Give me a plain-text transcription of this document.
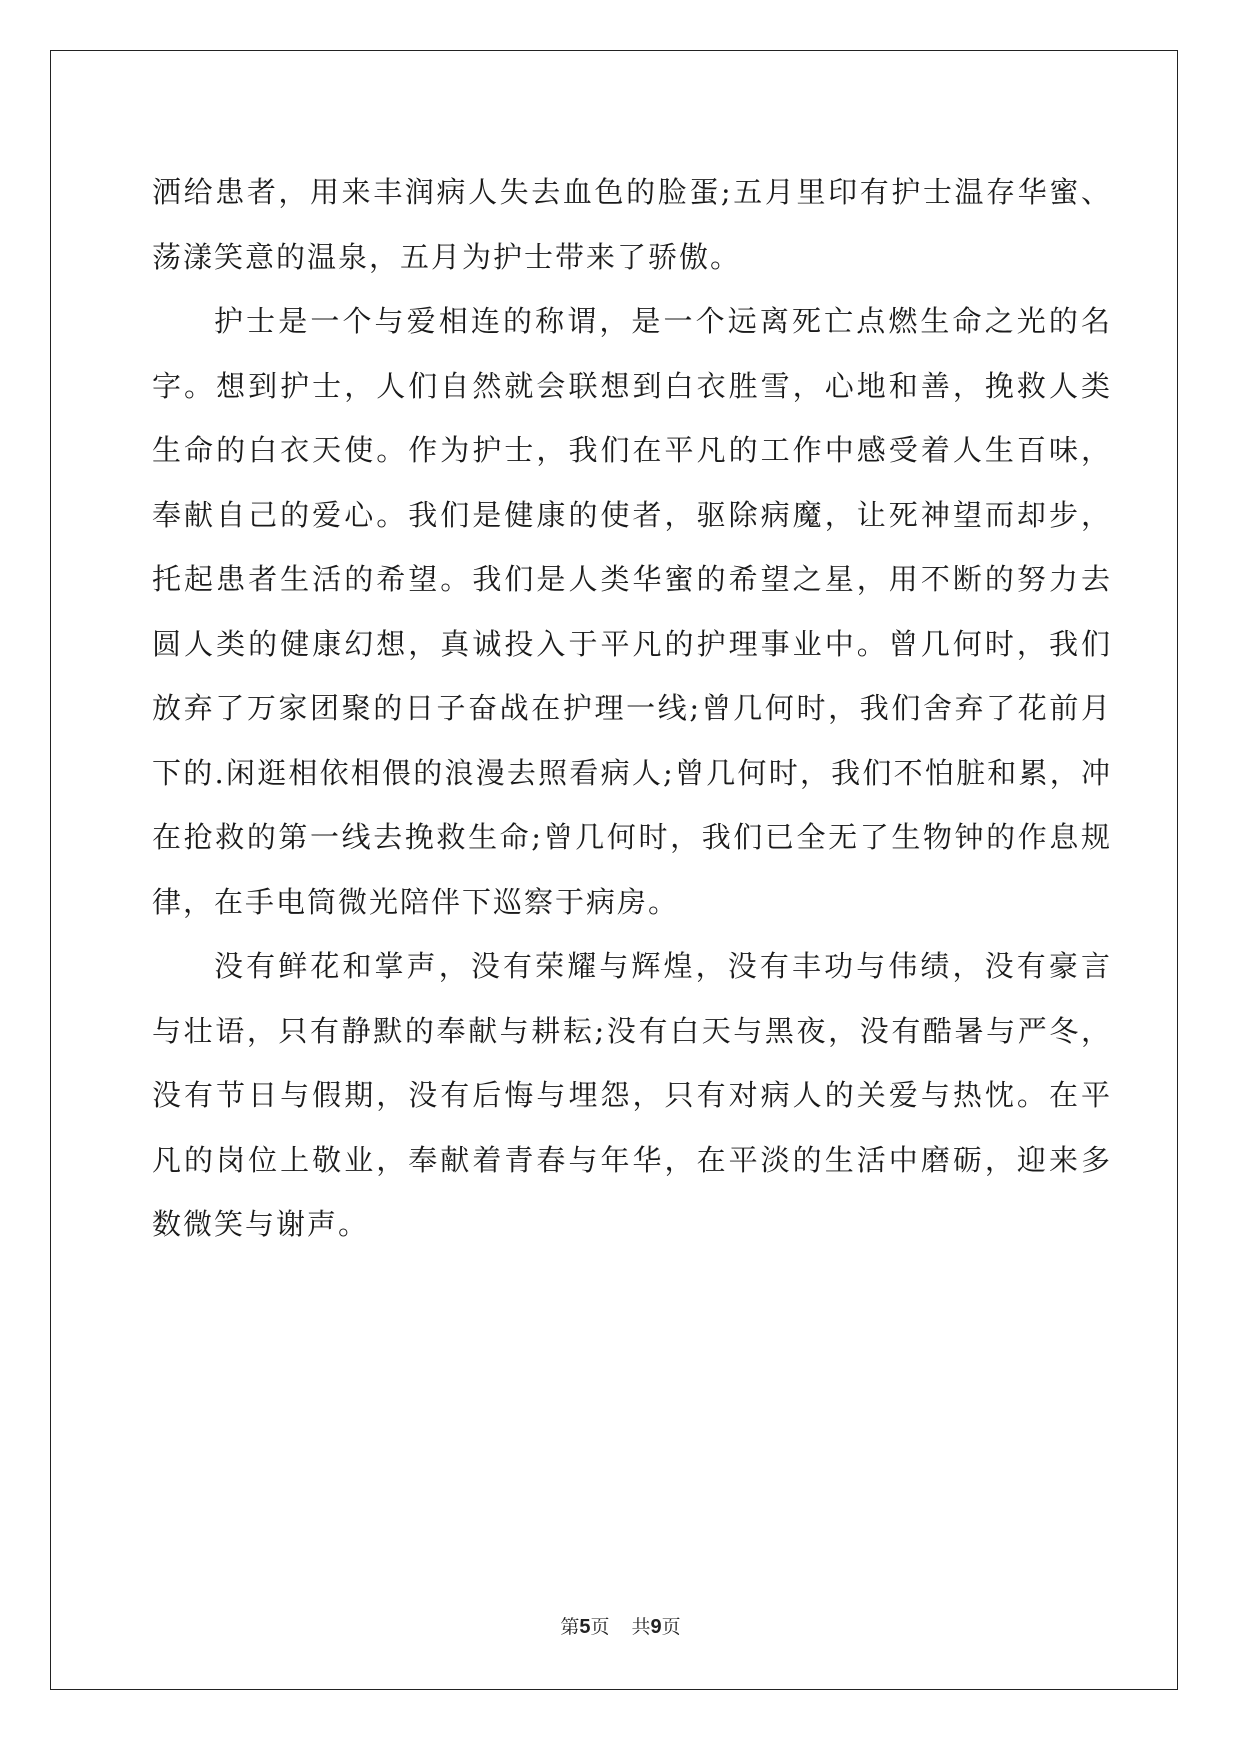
洒给患者，用来丰润病人失去血色的脸蛋;五月里印有护士温存华蜜、荡漾笑意的温泉，五月为护士带来了骄傲。

护士是一个与爱相连的称谓，是一个远离死亡点燃生命之光的名字。想到护士，人们自然就会联想到白衣胜雪，心地和善，挽救人类生命的白衣天使。作为护士，我们在平凡的工作中感受着人生百味，奉献自己的爱心。我们是健康的使者，驱除病魔，让死神望而却步，托起患者生活的希望。我们是人类华蜜的希望之星，用不断的努力去圆人类的健康幻想，真诚投入于平凡的护理事业中。曾几何时，我们放弃了万家团聚的日子奋战在护理一线;曾几何时，我们舍弃了花前月下的.闲逛相依相偎的浪漫去照看病人;曾几何时，我们不怕脏和累，冲在抢救的第一线去挽救生命;曾几何时，我们已全无了生物钟的作息规律，在手电筒微光陪伴下巡察于病房。

没有鲜花和掌声，没有荣耀与辉煌，没有丰功与伟绩，没有豪言与壮语，只有静默的奉献与耕耘;没有白天与黑夜，没有酷暑与严冬，没有节日与假期，没有后悔与埋怨，只有对病人的关爱与热忱。在平凡的岗位上敬业，奉献着青春与年华，在平淡的生活中磨砺，迎来多数微笑与谢声。

第5页 共9页
